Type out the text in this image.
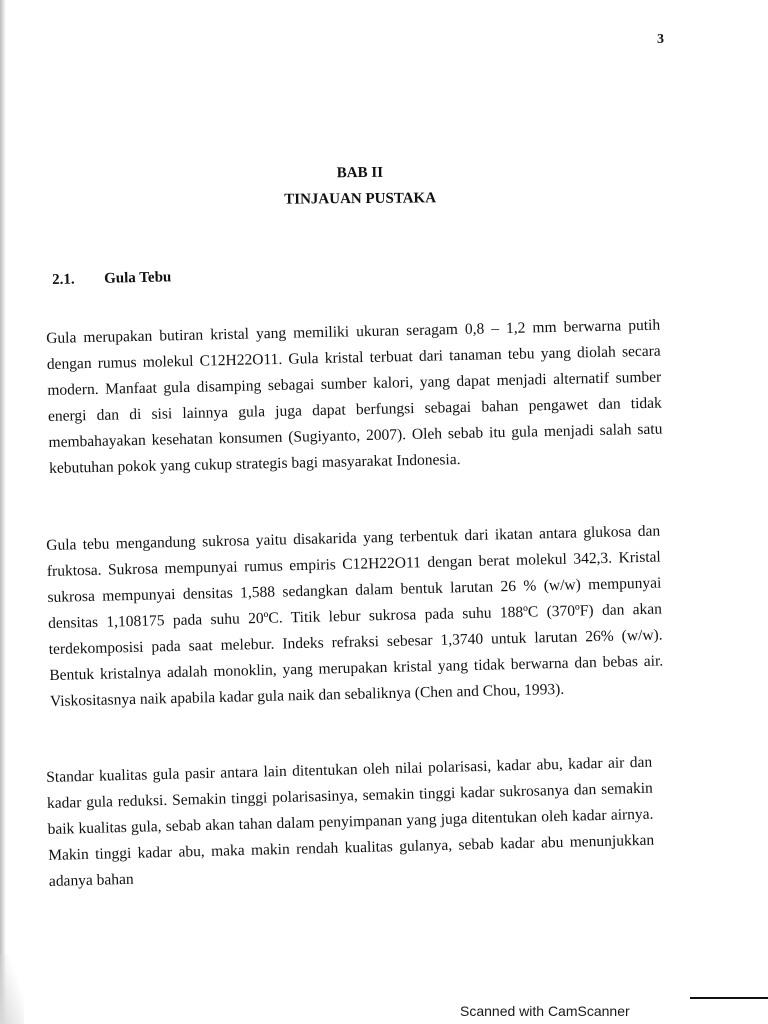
3
BAB II
TINJAUAN PUSTAKA
2.1. Gula Tebu

Gula merupakan butiran kristal yang memiliki ukuran seragam 0,8 – 1,2 mm berwarna putih dengan rumus molekul C12H22O11. Gula kristal terbuat dari tanaman tebu yang diolah secara modern. Manfaat gula disamping sebagai sumber kalori, yang dapat menjadi alternatif sumber energi dan di sisi lainnya gula juga dapat berfungsi sebagai bahan pengawet dan tidak membahayakan kesehatan konsumen (Sugiyanto, 2007). Oleh sebab itu gula menjadi salah satu kebutuhan pokok yang cukup strategis bagi masyarakat Indonesia.

Gula tebu mengandung sukrosa yaitu disakarida yang terbentuk dari ikatan antara glukosa dan fruktosa. Sukrosa mempunyai rumus empiris C12H22O11 dengan berat molekul 342,3. Kristal sukrosa mempunyai densitas 1,588 sedangkan dalam bentuk larutan 26 % (w/w) mempunyai densitas 1,108175 pada suhu 20ºC. Titik lebur sukrosa pada suhu 188ºC (370ºF) dan akan terdekomposisi pada saat melebur. Indeks refraksi sebesar 1,3740 untuk larutan 26% (w/w). Bentuk kristalnya adalah monoklin, yang merupakan kristal yang tidak berwarna dan bebas air. Viskositasnya naik apabila kadar gula naik dan sebaliknya (Chen and Chou, 1993).

Standar kualitas gula pasir antara lain ditentukan oleh nilai polarisasi, kadar abu, kadar air dan kadar gula reduksi. Semakin tinggi polarisasinya, semakin tinggi kadar sukrosanya dan semakin baik kualitas gula, sebab akan tahan dalam penyimpanan yang juga ditentukan oleh kadar airnya. Makin tinggi kadar abu, maka makin rendah kualitas gulanya, sebab kadar abu menunjukkan adanya bahan

Scanned with CamScanner
